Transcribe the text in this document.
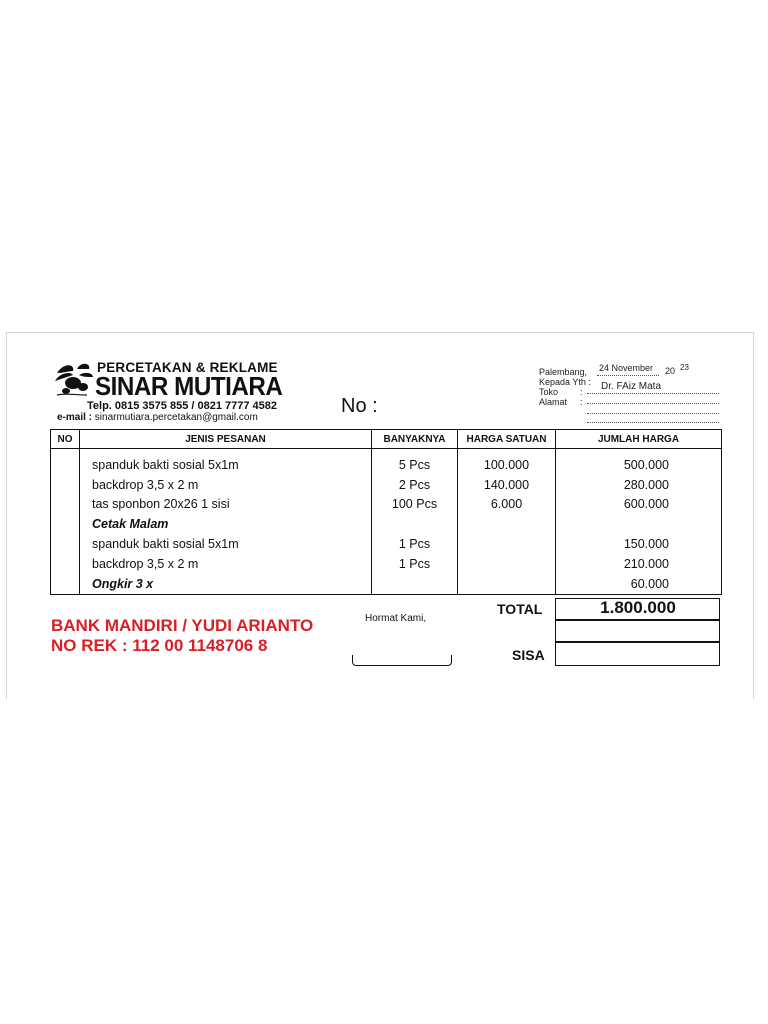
PERCETAKAN & REKLAME
SINAR MUTIARA
Telp. 0815 3575 855 / 0821 7777 4582
e-mail : sinarmutiara.percetakan@gmail.com
No :
Palembang, 24 November 20 23
Kepada Yth : Dr. FAiz Mata
Toko :
Alamat :
NO	JENIS PESANAN	BANYAKNYA	HARGA SATUAN	JUMLAH HARGA
	spanduk bakti sosial 5x1m	5 Pcs	100.000	500.000
	backdrop 3,5 x 2 m	2 Pcs	140.000	280.000
	tas sponbon 20x26 1 sisi	100 Pcs	6.000	600.000
	Cetak Malam			
	spanduk bakti sosial 5x1m	1 Pcs		150.000
	backdrop 3,5 x 2 m	1 Pcs		210.000
	Ongkir 3 x			60.000
TOTAL	1.800.000
SISA
BANK MANDIRI / YUDI ARIANTO
NO REK : 112 00 1148706 8
Hormat Kami,
